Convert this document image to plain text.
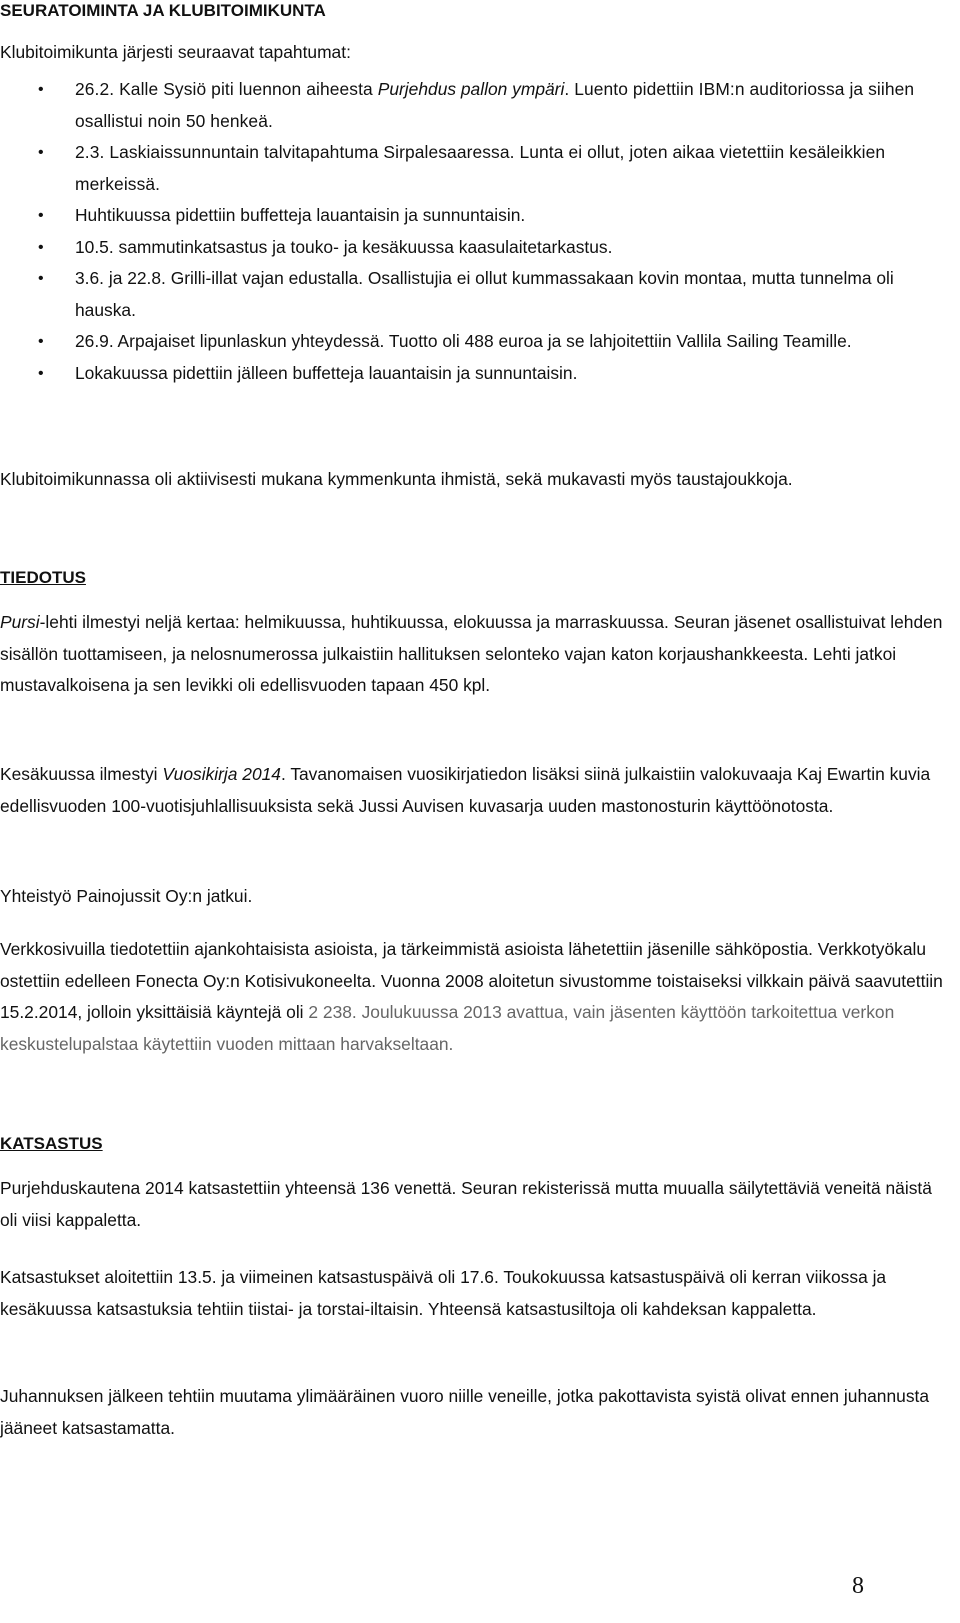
SEURATOIMINTA JA KLUBITOIMIKUNTA

Klubitoimikunta järjesti seuraavat tapahtumat:

• 26.2. Kalle Sysiö piti luennon aiheesta Purjehdus pallon ympäri. Luento pidettiin IBM:n auditoriossa ja siihen osallistui noin 50 henkeä.
• 2.3. Laskiaissunnuntain talvitapahtuma Sirpalesaaressa. Lunta ei ollut, joten aikaa vietettiin kesäleikkien merkeissä.
• Huhtikuussa pidettiin buffetteja lauantaisin ja sunnuntaisin.
• 10.5. sammutinkatsastus ja touko- ja kesäkuussa kaasulaitetarkastus.
• 3.6. ja 22.8. Grilli-illat vajan edustalla. Osallistujia ei ollut kummassakaan kovin montaa, mutta tunnelma oli hauska.
• 26.9. Arpajaiset lipunlaskun yhteydessä. Tuotto oli 488 euroa ja se lahjoitettiin Vallila Sailing Teamille.
• Lokakuussa pidettiin jälleen buffetteja lauantaisin ja sunnuntaisin.

Klubitoimikunnassa oli aktiivisesti mukana kymmenkunta ihmistä, sekä mukavasti myös taustajoukkoja.

TIEDOTUS

Pursi-lehti ilmestyi neljä kertaa: helmikuussa, huhtikuussa, elokuussa ja marraskuussa. Seuran jäsenet osallistuivat lehden sisällön tuottamiseen, ja nelosnumerossa julkaistiin hallituksen selonteko vajan katon korjaushankkeesta. Lehti jatkoi mustavalkoisena ja sen levikki oli edellisvuoden tapaan 450 kpl.

Kesäkuussa ilmestyi Vuosikirja 2014. Tavanomaisen vuosikirjatiedon lisäksi siinä julkaistiin valokuvaaja Kaj Ewartin kuvia edellisvuoden 100-vuotisjuhlallisuuksista sekä Jussi Auvisen kuvasarja uuden mastonosturin käyttöönotosta.

Yhteistyö Painojussit Oy:n jatkui.

Verkkosivuilla tiedotettiin ajankohtaisista asioista, ja tärkeimmistä asioista lähetettiin jäsenille sähköpostia. Verkkotyökalu ostettiin edelleen Fonecta Oy:n Kotisivukoneelta. Vuonna 2008 aloitetun sivustomme toistaiseksi vilkkain päivä saavutettiin 15.2.2014, jolloin yksittäisiä käyntejä oli 2 238. Joulukuussa 2013 avattua, vain jäsenten käyttöön tarkoitettua verkon keskustelupalstaa käytettiin vuoden mittaan harvakseltaan.

KATSASTUS

Purjehduskautena 2014 katsastettiin yhteensä 136 venettä. Seuran rekisterissä mutta muualla säilytettäviä veneitä näistä oli viisi kappaletta.

Katsastukset aloitettiin 13.5. ja viimeinen katsastuspäivä oli 17.6. Toukokuussa katsastuspäivä oli kerran viikossa ja kesäkuussa katsastuksia tehtiin tiistai- ja torstai-iltaisin. Yhteensä katsastusiltoja oli kahdeksan kappaletta.

Juhannuksen jälkeen tehtiin muutama ylimääräinen vuoro niille veneille, jotka pakottavista syistä olivat ennen juhannusta jääneet katsastamatta.

8
